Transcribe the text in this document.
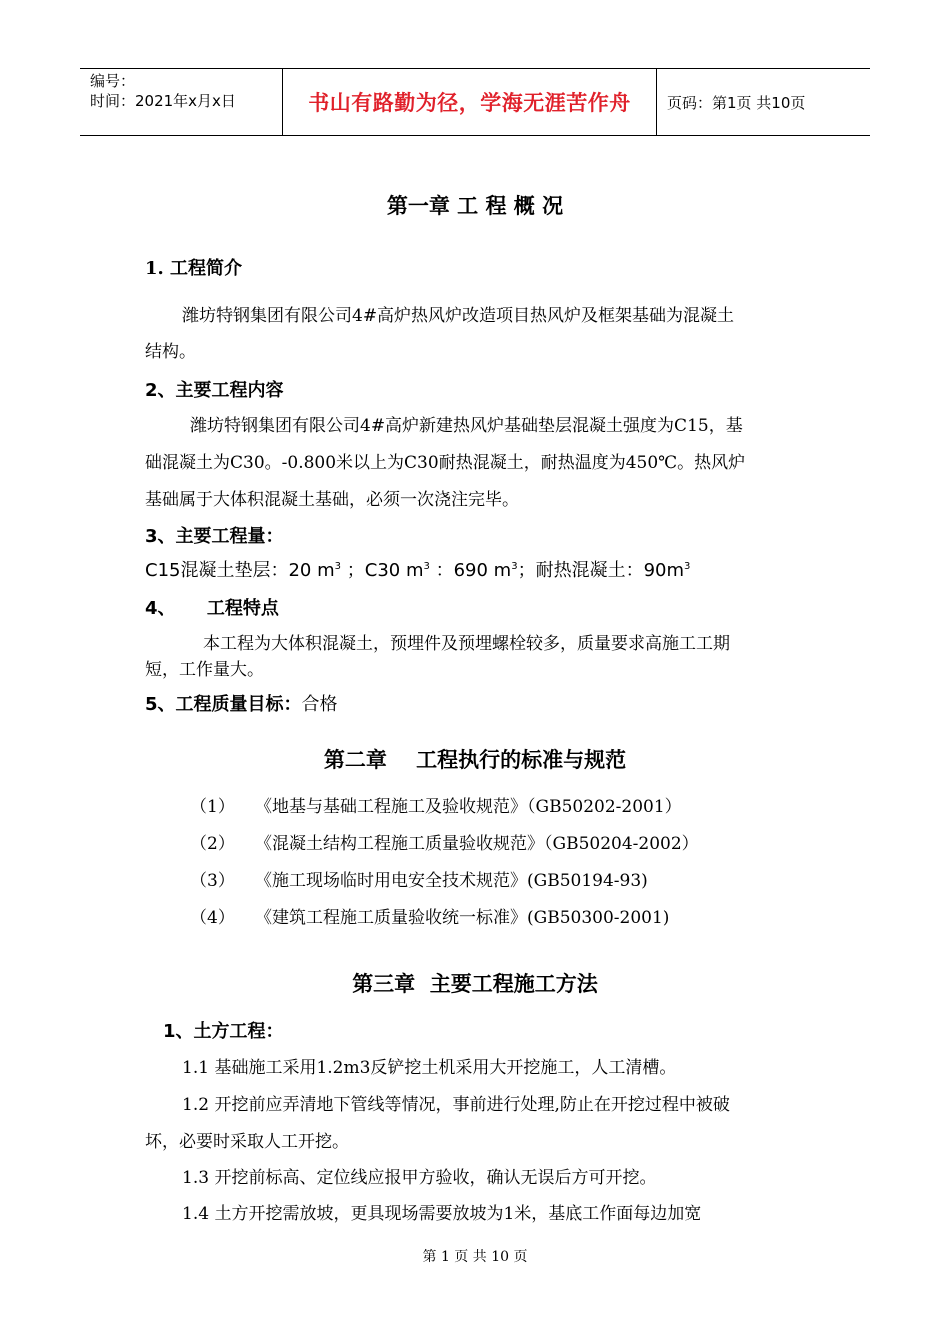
编号：
时间：2021年x月x日	书山有路勤为径，学海无涯苦作舟	页码：第1页 共10页
第一章 工 程 概 况
1. 工程简介
潍坊特钢集团有限公司4#高炉热风炉改造项目热风炉及框架基础为混凝土
结构。
2、主要工程内容
潍坊特钢集团有限公司4#高炉新建热风炉基础垫层混凝土强度为C15，基
础混凝土为C30。-0.800米以上为C30耐热混凝土，耐热温度为450℃。热风炉
基础属于大体积混凝土基础，必须一次浇注完毕。
3、主要工程量：
C15混凝土垫层：20 $m^3$ ；C30 $m^3$ ：690 $m^3$；耐热混凝土：$90m^3$
4、     工程特点
本工程为大体积混凝土，预埋件及预埋螺栓较多，质量要求高施工工期
短，工作量大。
5、工程质量目标：合格
第二章    工程执行的标准与规范
（1） 《地基与基础工程施工及验收规范》（GB50202-2001）
（2） 《混凝土结构工程施工质量验收规范》（GB50204-2002）
（3） 《施工现场临时用电安全技术规范》(GB50194-93)
（4） 《建筑工程施工质量验收统一标准》(GB50300-2001)
第三章  主要工程施工方法
1、土方工程：
1.1 基础施工采用1.2m3反铲挖土机采用大开挖施工，人工清槽。
1.2 开挖前应弄清地下管线等情况，事前进行处理,防止在开挖过程中被破
坏，必要时采取人工开挖。
1.3 开挖前标高、定位线应报甲方验收，确认无误后方可开挖。
1.4 土方开挖需放坡，更具现场需要放坡为1米，基底工作面每边加宽
第 1 页 共 10 页
